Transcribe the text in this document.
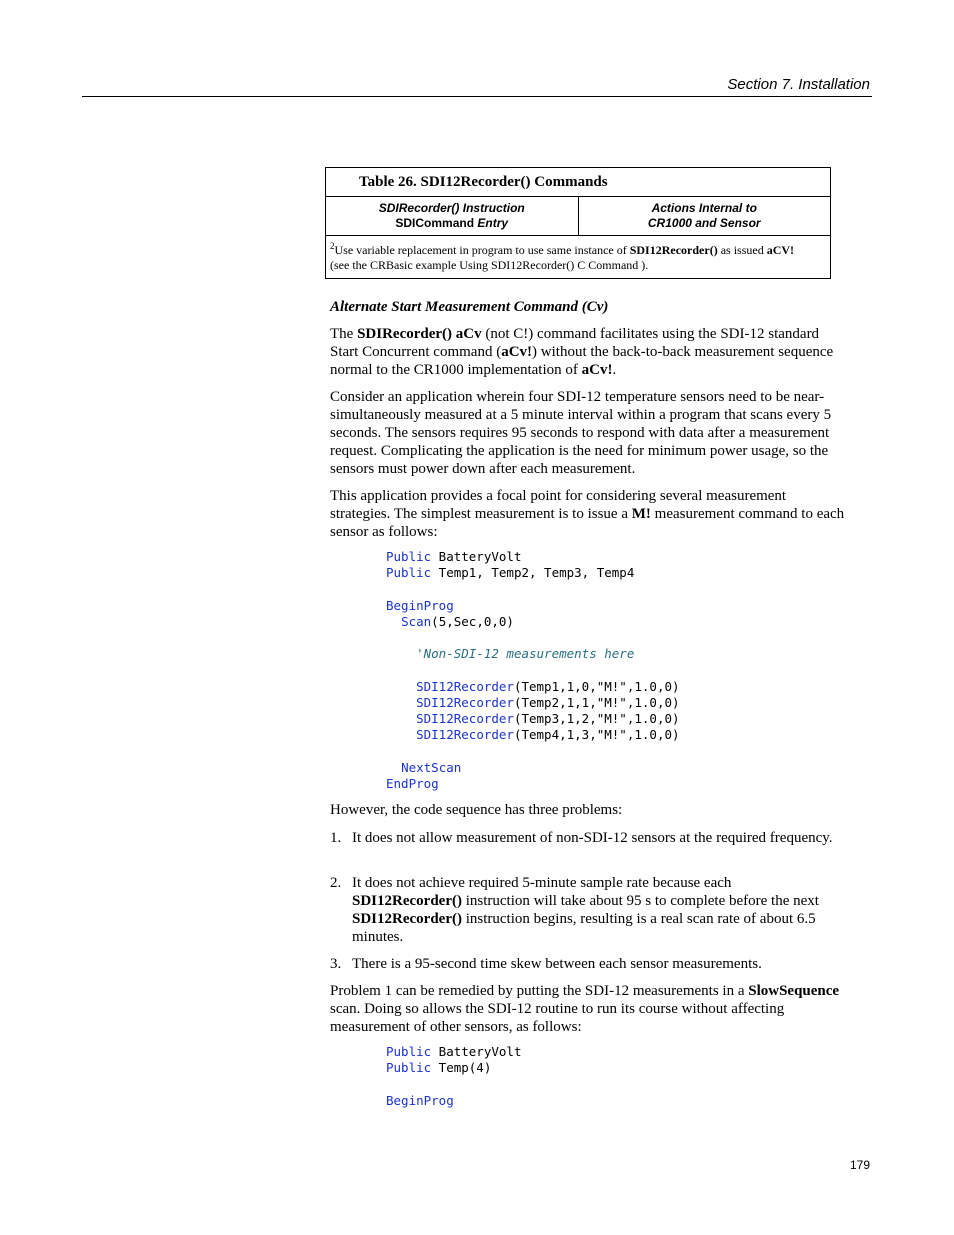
Section 7. Installation
Table 26. SDI12Recorder() Commands
SDIRecorder() Instruction
SDICommand Entry
Actions Internal to
CR1000 and Sensor
$^2$Use variable replacement in program to use same instance of SDI12Recorder() as issued aCV!
(see the CRBasic example Using SDI12Recorder() C Command ).
Alternate Start Measurement Command (Cv)
The SDIRecorder() aCv (not C!) command facilitates using the SDI-12 standard Start Concurrent command (aCv!) without the back-to-back measurement sequence normal to the CR1000 implementation of aCv!.
Consider an application wherein four SDI-12 temperature sensors need to be near-simultaneously measured at a 5 minute interval within a program that scans every 5 seconds. The sensors requires 95 seconds to respond with data after a measurement request. Complicating the application is the need for minimum power usage, so the sensors must power down after each measurement.
This application provides a focal point for considering several measurement strategies. The simplest measurement is to issue a M! measurement command to each sensor as follows:
Public BatteryVolt
Public Temp1, Temp2, Temp3, Temp4

BeginProg
Scan(5,Sec,0,0)

'Non-SDI-12 measurements here

SDI12Recorder(Temp1,1,0,"M!",1.0,0)
SDI12Recorder(Temp2,1,1,"M!",1.0,0)
SDI12Recorder(Temp3,1,2,"M!",1.0,0)
SDI12Recorder(Temp4,1,3,"M!",1.0,0)

NextScan
EndProg
However, the code sequence has three problems:
1. It does not allow measurement of non-SDI-12 sensors at the required frequency.
2. It does not achieve required 5-minute sample rate because each SDI12Recorder() instruction will take about 95 s to complete before the next SDI12Recorder() instruction begins, resulting is a real scan rate of about 6.5 minutes.
3. There is a 95-second time skew between each sensor measurements.
Problem 1 can be remedied by putting the SDI-12 measurements in a SlowSequence scan. Doing so allows the SDI-12 routine to run its course without affecting measurement of other sensors, as follows:
Public BatteryVolt
Public Temp(4)

BeginProg
179
